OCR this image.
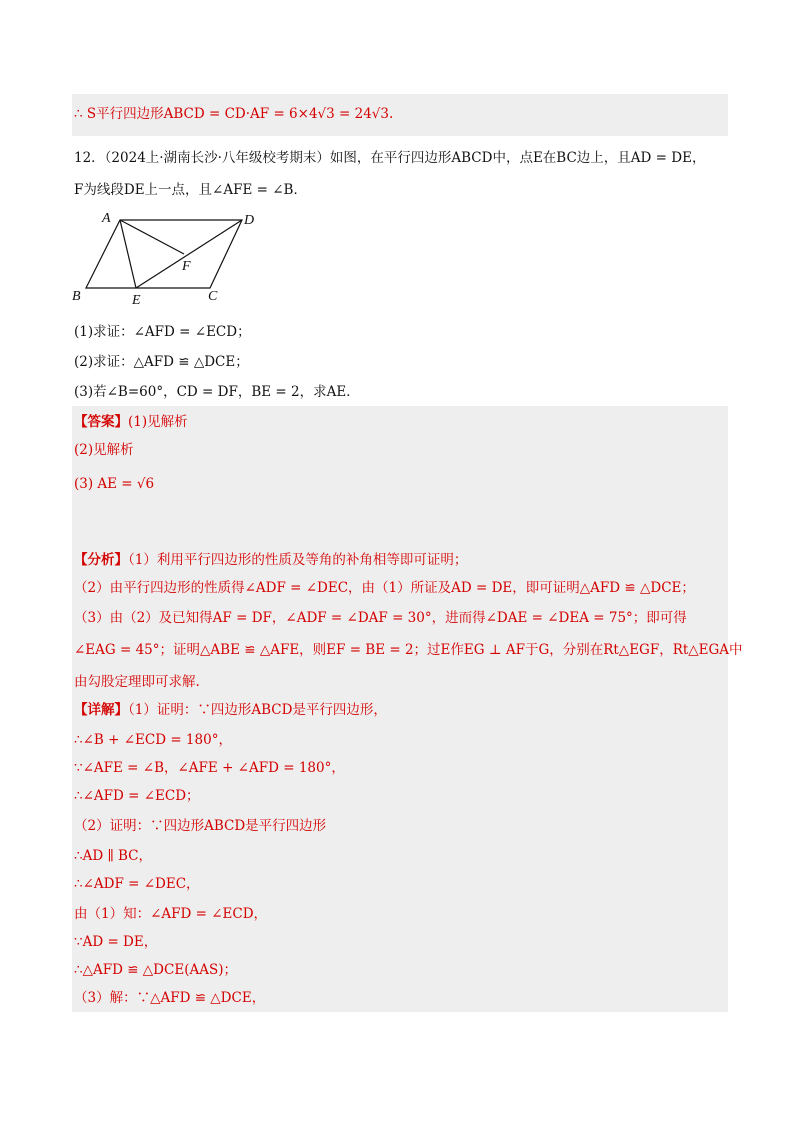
∴ S平行四边形ABCD = CD·AF = 6×4√3 = 24√3.
12．（2024上·湖南长沙·八年级校考期末）如图，在平行四边形ABCD中，点E在BC边上，且AD = DE，
F为线段DE上一点，且∠AFE = ∠B．
A	D
F
B	E	C
(1)求证：∠AFD = ∠ECD；
(2)求证：△AFD ≌ △DCE；
(3)若∠B=60°，CD = DF，BE = 2，求AE．
【答案】(1)见解析
(2)见解析
(3) AE = √6
【分析】（1）利用平行四边形的性质及等角的补角相等即可证明；
（2）由平行四边形的性质得∠ADF = ∠DEC，由（1）所证及AD = DE，即可证明△AFD ≌ △DCE；
（3）由（2）及已知得AF = DF，∠ADF = ∠DAF = 30°，进而得∠DAE = ∠DEA = 75°；即可得
∠EAG = 45°；证明△ABE ≌ △AFE，则EF = BE = 2；过E作EG ⊥ AF于G，分别在Rt△EGF，Rt△EGA中
由勾股定理即可求解.
【详解】（1）证明：∵四边形ABCD是平行四边形，
∴∠B + ∠ECD = 180°，
∵∠AFE = ∠B，∠AFE + ∠AFD = 180°，
∴∠AFD = ∠ECD；
（2）证明：∵四边形ABCD是平行四边形
∴AD ∥ BC，
∴∠ADF = ∠DEC，
由（1）知：∠AFD = ∠ECD，
∵AD = DE，
∴△AFD ≌ △DCE(AAS)；
（3）解：∵△AFD ≌ △DCE，
